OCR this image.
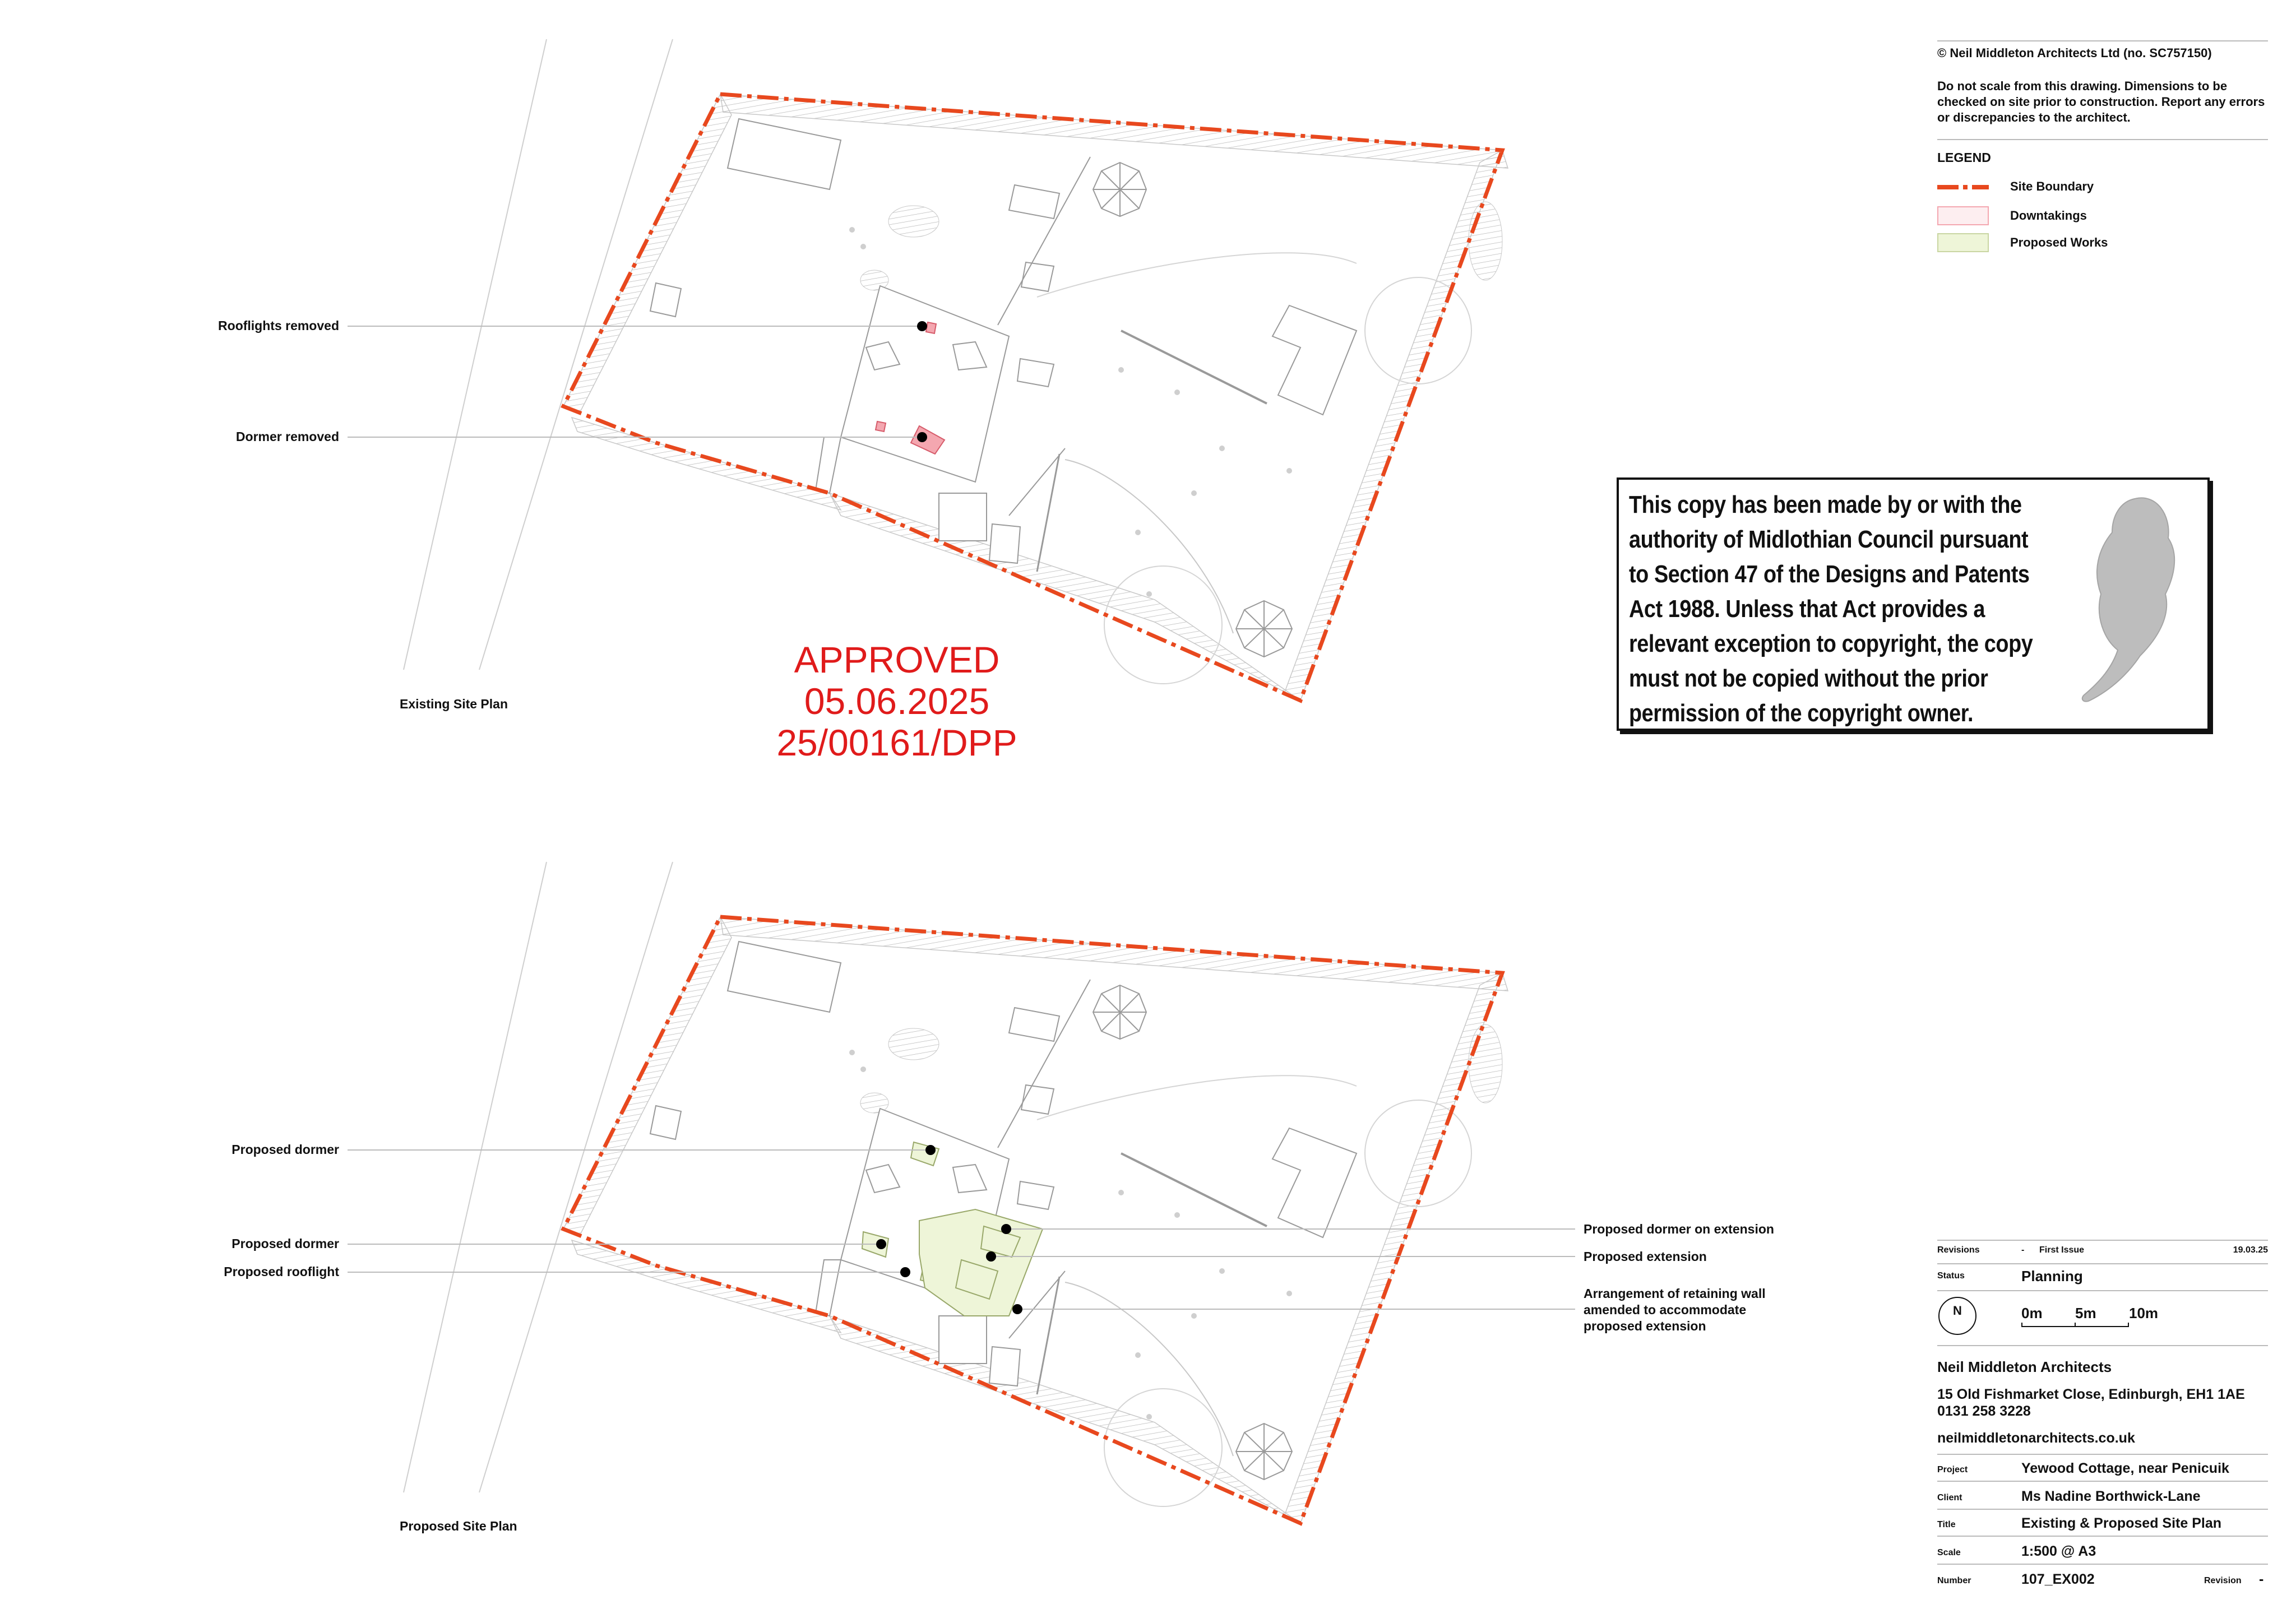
Rooflights removed
Dormer removed
Existing Site Plan
Proposed dormer
Proposed dormer
Proposed rooflight
Proposed dormer on extension
Proposed extension
Arrangement of retaining wall
amended to accommodate
proposed extension
Proposed Site Plan
APPROVED
05.06.2025
25/00161/DPP
This copy has been made by or with the
authority of Midlothian Council pursuant
to Section 47 of the Designs and Patents
Act 1988. Unless that Act provides a
relevant exception to copyright, the copy
must not be copied without the prior
permission of the copyright owner.
© Neil Middleton Architects Ltd (no. SC757150)
Do not scale from this drawing. Dimensions to be checked on site prior to construction. Report any errors or discrepancies to the architect.
LEGEND
Site Boundary
Downtakings
Proposed Works
Revisions	- First Issue	19.03.25
Status	Planning
N	0m 5m 10m
Neil Middleton Architects
15 Old Fishmarket Close, Edinburgh, EH1 1AE
0131 258 3228
neilmiddletonarchitects.co.uk
Project	Yewood Cottage, near Penicuik
Client	Ms Nadine Borthwick-Lane
Title	Existing & Proposed Site Plan
Scale	1:500 @ A3
Number	107_EX002	Revision -
